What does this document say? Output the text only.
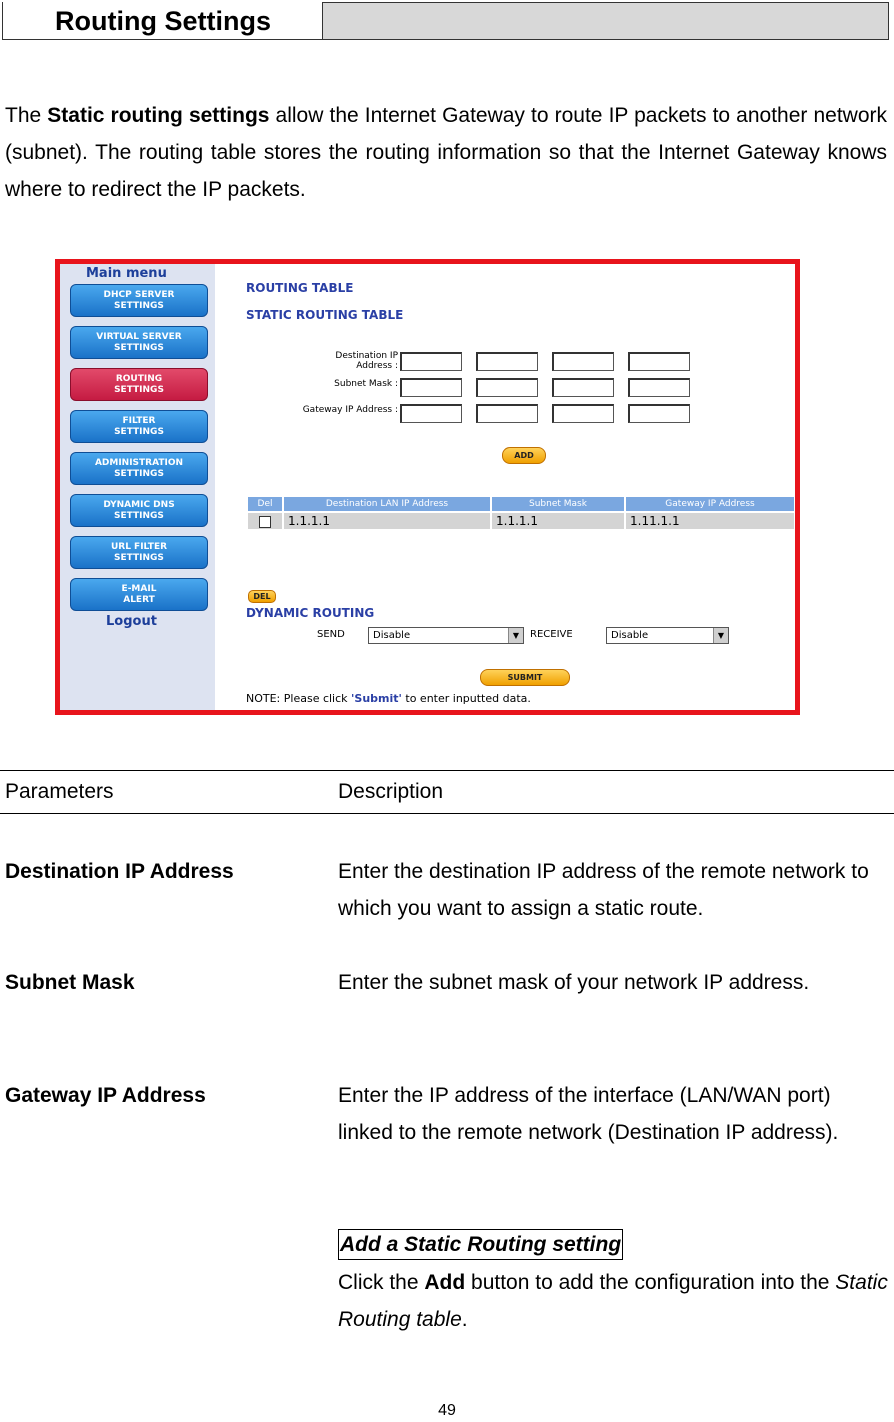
Routing Settings
The Static routing settings allow the Internet Gateway to route IP packets to another network (subnet). The routing table stores the routing information so that the Internet Gateway knows where to redirect the IP packets.
Main menu
DHCP SERVER
SETTINGS
VIRTUAL SERVER
SETTINGS
ROUTING
SETTINGS
FILTER
SETTINGS
ADMINISTRATION
SETTINGS
DYNAMIC DNS
SETTINGS
URL FILTER
SETTINGS
E-MAIL
ALERT
Logout
ROUTING TABLE
STATIC ROUTING TABLE
Destination IP
Address :
Subnet Mask :
Gateway IP Address :
ADD
Del	Destination LAN IP Address	Subnet Mask	Gateway IP Address
	1.1.1.1	1.1.1.1	1.11.1.1
DEL
DYNAMIC ROUTING
SEND	Disable	▼	RECEIVE	Disable	▼
SUBMIT
NOTE: Please click 'Submit' to enter inputted data.
Parameters	Description
Destination IP Address	Enter the destination IP address of the remote network to which you want to assign a static route.
Subnet Mask	Enter the subnet mask of your network IP address.
Gateway IP Address	Enter the IP address of the interface (LAN/WAN port) linked to the remote network (Destination IP address).
Add a Static Routing setting
Click the Add button to add the configuration into the Static Routing table.
49
